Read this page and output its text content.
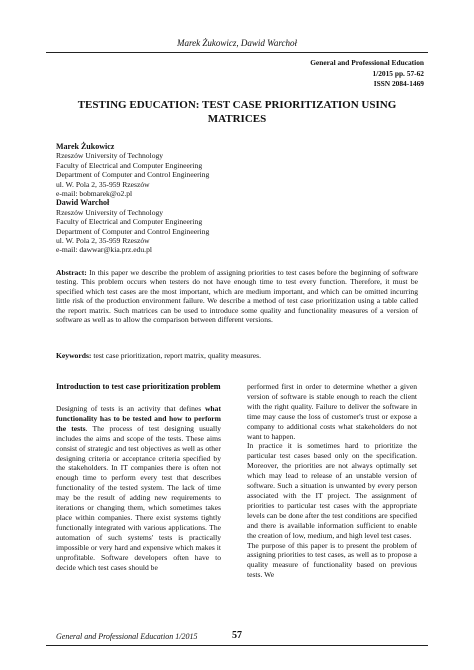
Marek Żukowicz, Dawid Warchoł
General and Professional Education
1/2015 pp. 57-62
ISSN 2084-1469
TESTING EDUCATION: TEST CASE PRIORITIZATION USING MATRICES
Marek Żukowicz
Rzeszów University of Technology
Faculty of Electrical and Computer Engineering
Department of Computer and Control Engineering
ul. W. Pola 2, 35-959 Rzeszów
e-mail: bobmarek@o2.pl
Dawid Warchoł
Rzeszów University of Technology
Faculty of Electrical and Computer Engineering
Department of Computer and Control Engineering
ul. W. Pola 2, 35-959 Rzeszów
e-mail: dawwar@kia.prz.edu.pl
Abstract: In this paper we describe the problem of assigning priorities to test cases before the beginning of software testing. This problem occurs when testers do not have enough time to test every function. Therefore, it must be specified which test cases are the most important, which are medium important, and which can be omitted incurring little risk of the production environment failure. We describe a method of test case prioritization using a table called the report matrix. Such matrices can be used to introduce some quality and functionality measures of a version of software as well as to allow the comparison between different versions.
Keywords: test case prioritization, report matrix, quality measures.
Introduction to test case prioritization problem

Designing of tests is an activity that defines what functionality has to be tested and how to perform the tests. The process of test designing usually includes the aims and scope of the tests. These aims consist of strategic and test objectives as well as other designing criteria or acceptance criteria specified by the stakeholders. In IT companies there is often not enough time to perform every test that describes functionality of the tested system. The lack of time may be the result of adding new requirements to iterations or changing them, which sometimes takes place within companies. There exist systems tightly functionally integrated with various applications. The automation of such systems' tests is practically impossible or very hard and expensive which makes it unprofitable. Software developers often have to decide which test cases should be

performed first in order to determine whether a given version of software is stable enough to reach the client with the right quality. Failure to deliver the software in time may cause the loss of customer's trust or expose a company to additional costs what stakeholders do not want to happen.

In practice it is sometimes hard to prioritize the particular test cases based only on the specification. Moreover, the priorities are not always optimally set which may lead to release of an unstable version of software. Such a situation is unwanted by every person associated with the IT project. The assignment of priorities to particular test cases with the appropriate levels can be done after the test conditions are specified and there is available information sufficient to enable the creation of low, medium, and high level test cases.

The purpose of this paper is to present the problem of assigning priorities to test cases, as well as to propose a quality measure of functionality based on previous tests. We

General and Professional Education 1/2015	57
